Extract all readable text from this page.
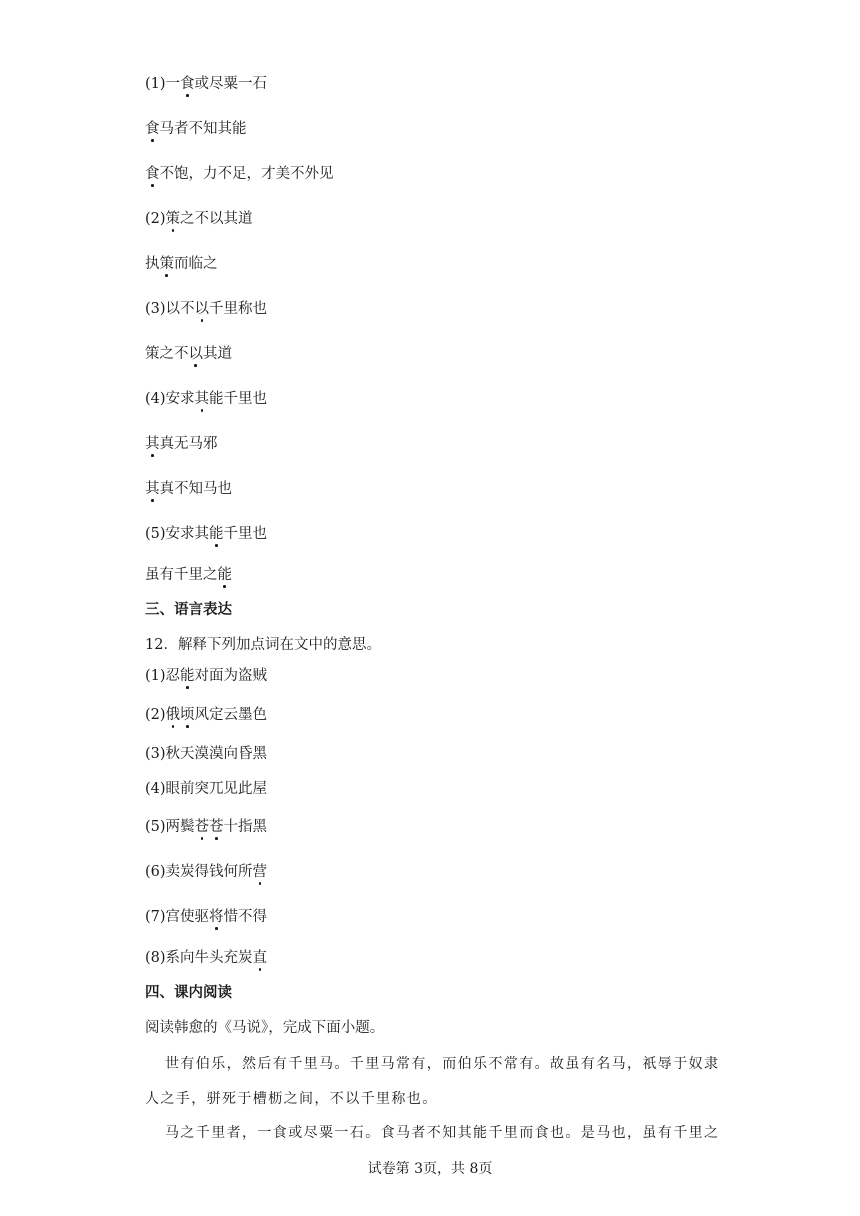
(1)一食或尽粟一石
食马者不知其能
食不饱，力不足，才美不外见
(2)策之不以其道
执策而临之
(3)以不以千里称也
策之不以其道
(4)安求其能千里也
其真无马邪
其真不知马也
(5)安求其能千里也
虽有千里之能
三、语言表达
12．解释下列加点词在文中的意思。
(1)忍能对面为盗贼
(2)俄顷风定云墨色
(3)秋天漠漠向昏黑
(4)眼前突兀见此屋
(5)两鬓苍苍十指黑
(6)卖炭得钱何所营
(7)宫使驱将惜不得
(8)系向牛头充炭直
四、课内阅读
阅读韩愈的《马说》，完成下面小题。
世有伯乐，然后有千里马。千里马常有，而伯乐不常有。故虽有名马，祇辱于奴隶
人之手，骈死于槽枥之间，不以千里称也。
马之千里者，一食或尽粟一石。食马者不知其能千里而食也。是马也，虽有千里之
试卷第 3页，共 8页
